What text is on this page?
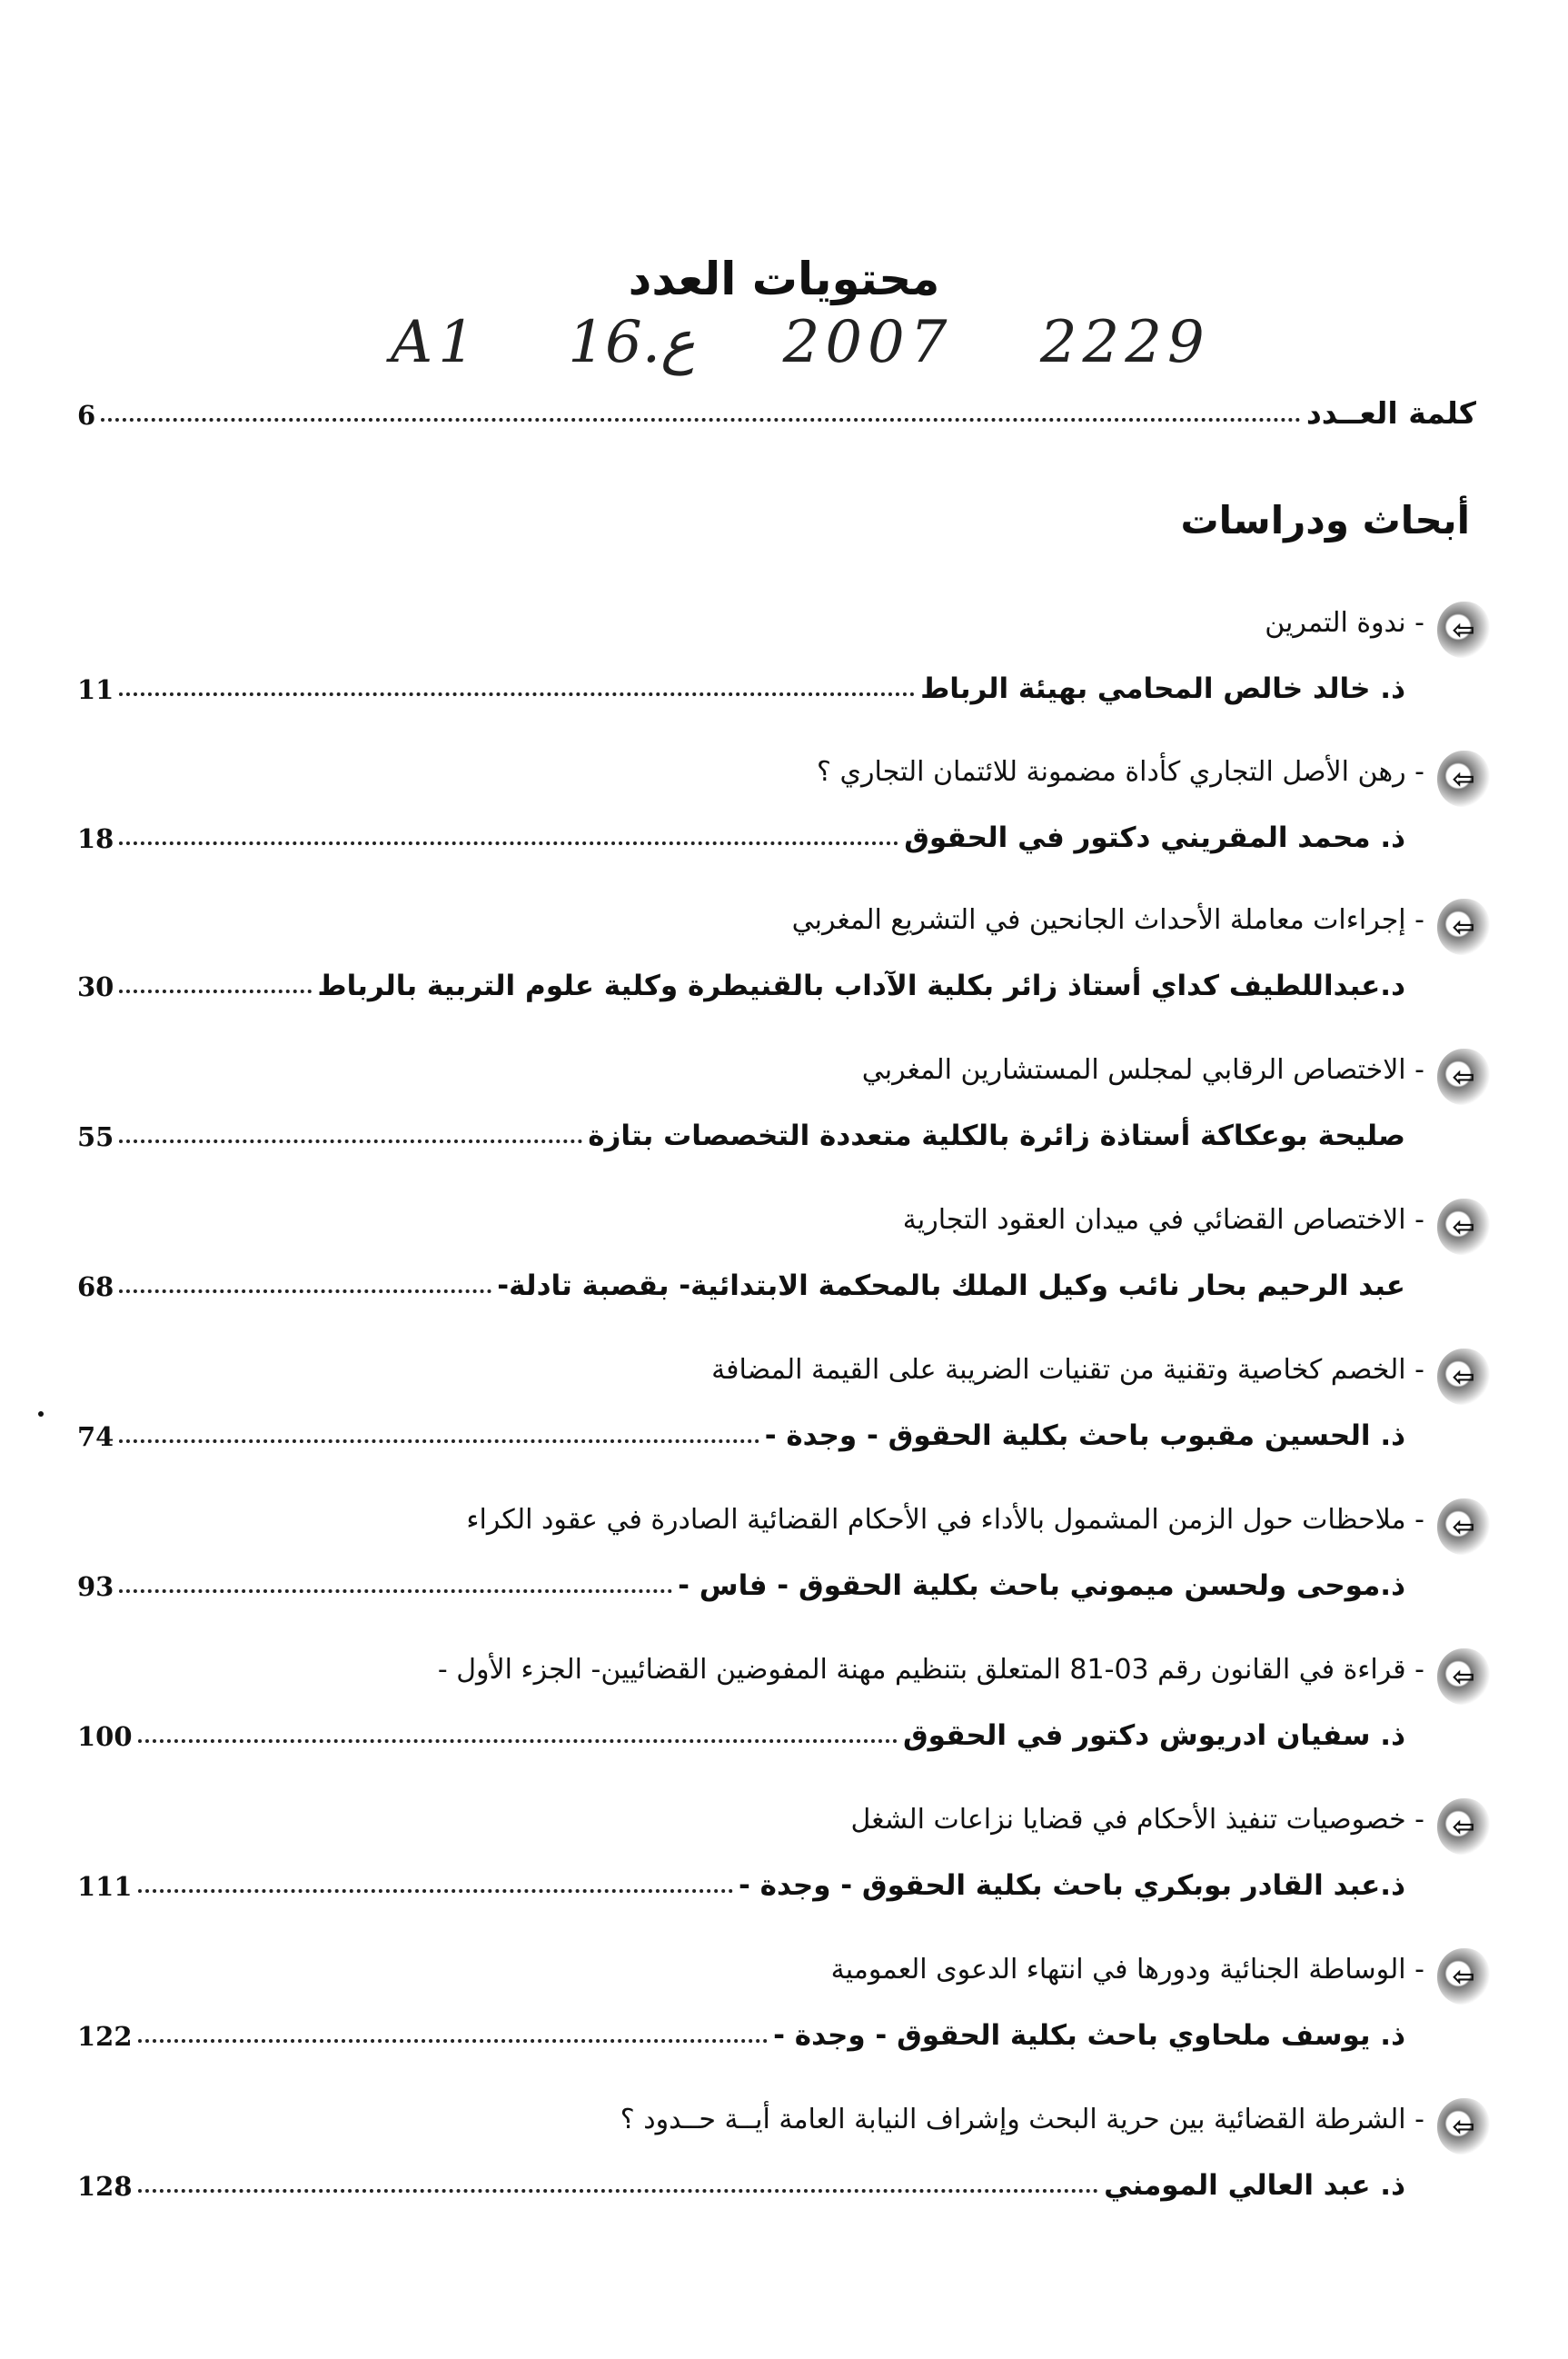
محتويات العدد
A1 16.ع 2007 2229
كلمة العــدد
6
أبحاث ودراسات
⇦
- ندوة التمرين
ذ. خالد خالص المحامي بهيئة الرباط
11
⇦
- رهن الأصل التجاري كأداة مضمونة للائتمان التجاري ؟
ذ. محمد المقريني دكتور في الحقوق
18
⇦
- إجراءات معاملة الأحداث الجانحين في التشريع المغربي
د.عبداللطيف كداي أستاذ زائر بكلية الآداب بالقنيطرة وكلية علوم التربية بالرباط
30
⇦
- الاختصاص الرقابي لمجلس المستشارين المغربي
صليحة بوعكاكة أستاذة زائرة بالكلية متعددة التخصصات بتازة
55
⇦
- الاختصاص القضائي في ميدان العقود التجارية
عبد الرحيم بحار نائب وكيل الملك بالمحكمة الابتدائية- بقصبة تادلة-
68
⇦
- الخصم كخاصية وتقنية من تقنيات الضريبة على القيمة المضافة
ذ. الحسين مقبوب باحث بكلية الحقوق - وجدة -
74
⇦
- ملاحظات حول الزمن المشمول بالأداء في الأحكام القضائية الصادرة في عقود الكراء
ذ.موحى ولحسن ميموني باحث بكلية الحقوق - فاس -
93
⇦
- قراءة في القانون رقم 03-81 المتعلق بتنظيم مهنة المفوضين القضائيين- الجزء الأول -
ذ. سفيان ادريوش دكتور في الحقوق
100
⇦
- خصوصيات تنفيذ الأحكام في قضايا نزاعات الشغل
ذ.عبد القادر بوبكري باحث بكلية الحقوق - وجدة -
111
⇦
- الوساطة الجنائية ودورها في انتهاء الدعوى العمومية
ذ. يوسف ملحاوي باحث بكلية الحقوق - وجدة -
122
⇦
- الشرطة القضائية بين حرية البحث وإشراف النيابة العامة أيــة حــدود ؟
ذ. عبد العالي المومني
128
